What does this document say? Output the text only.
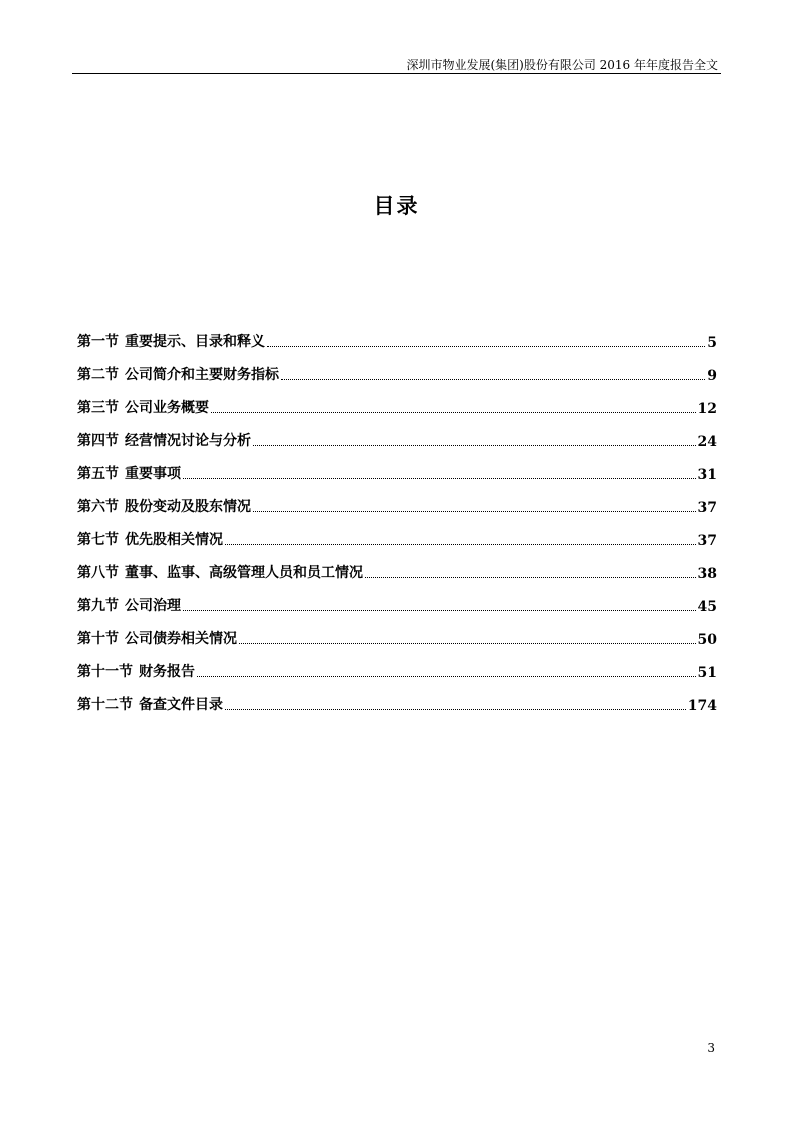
深圳市物业发展(集团)股份有限公司 2016 年年度报告全文
目录
第一节 重要提示、目录和释义	5
第二节 公司简介和主要财务指标	9
第三节 公司业务概要	12
第四节 经营情况讨论与分析	24
第五节 重要事项	31
第六节 股份变动及股东情况	37
第七节 优先股相关情况	37
第八节 董事、监事、高级管理人员和员工情况	38
第九节 公司治理	45
第十节 公司债券相关情况	50
第十一节 财务报告	51
第十二节 备查文件目录	174
3
